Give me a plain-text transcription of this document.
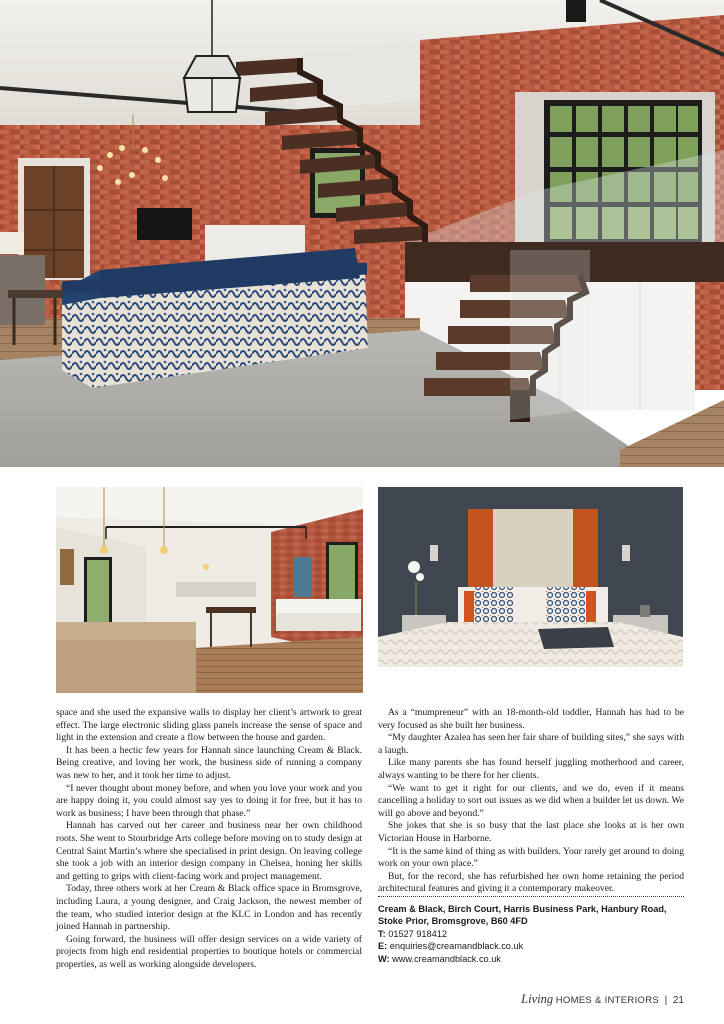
space and she used the expansive walls to display her client’s artwork to great effect. The large electronic sliding glass panels increase the sense of space and light in the extension and create a flow between the house and garden.

It has been a hectic few years for Hannah since launching Cream & Black. Being creative, and loving her work, the business side of running a company was new to her, and it took her time to adjust.

“I never thought about money before, and when you love your work and you are happy doing it, you could almost say yes to doing it for free, but it has to work as business; I have been through that phase.”

Hannah has carved out her career and business near her own childhood roots. She went to Stourbridge Arts college before moving on to study design at Central Saint Martin’s where she specialised in print design. On leaving college she took a job with an interior design company in Chelsea, honing her skills and getting to grips with client-facing work and project management.

Today, three others work at her Cream & Black office space in Bromsgrove, including Laura, a young designer, and Craig Jackson, the newest member of the team, who studied interior design at the KLC in London and has recently joined Hannah in partnership.

Going forward, the business will offer design services on a wide variety of projects from high end residential properties to boutique hotels or commercial properties, as well as working alongside developers.

As a “mumpreneur” with an 18-month-old toddler, Hannah has had to be very focused as she built her business.

“My daughter Azalea has seen her fair share of building sites,” she says with a laugh.

Like many parents she has found herself juggling motherhood and career, always wanting to be there for her clients.

“We want to get it right for our clients, and we do, even if it means cancelling a holiday to sort out issues as we did when a builder let us down. We will go above and beyond.”

She jokes that she is so busy that the last place she looks at is her own Victorian House in Harborne.

“It is the same kind of thing as with builders. Your rarely get around to doing work on your own place.”

But, for the record, she has refurbished her own home retaining the period architectural features and giving it a contemporary makeover.

Cream & Black, Birch Court, Harris Business Park, Hanbury Road, Stoke Prior, Bromsgrove, B60 4FD
T: 01527 918412
E: enquiries@creamandblack.co.uk
W: www.creamandblack.co.uk
Living HOMES & INTERIORS | 21
